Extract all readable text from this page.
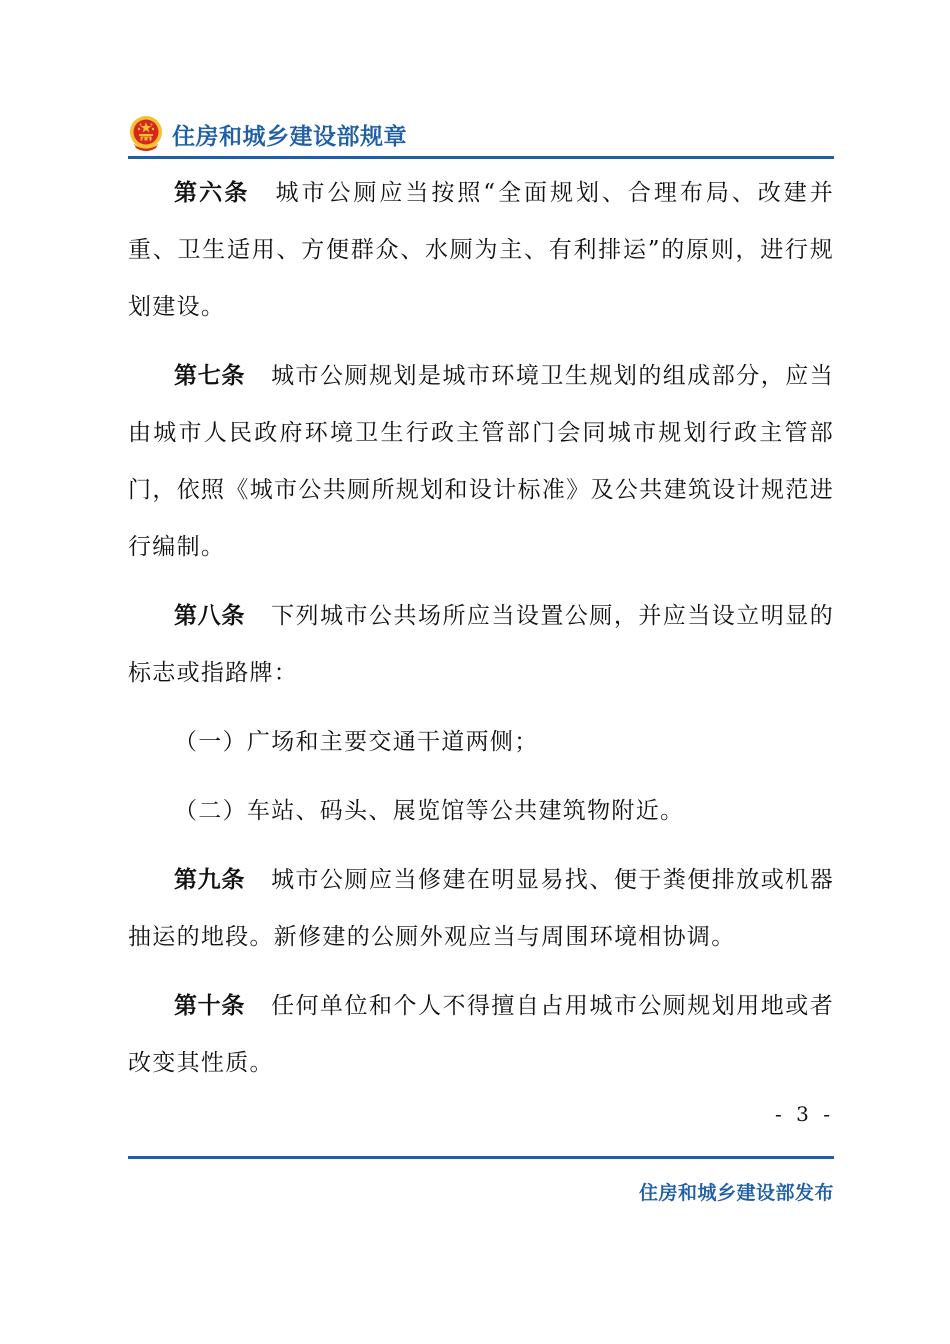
住房和城乡建设部规章

第六条 城市公厕应当按照“全面规划、合理布局、改建并重、卫生适用、方便群众、水厕为主、有利排运”的原则，进行规划建设。

第七条 城市公厕规划是城市环境卫生规划的组成部分，应当由城市人民政府环境卫生行政主管部门会同城市规划行政主管部门，依照《城市公共厕所规划和设计标准》及公共建筑设计规范进行编制。

第八条 下列城市公共场所应当设置公厕，并应当设立明显的标志或指路牌：

（一）广场和主要交通干道两侧；

（二）车站、码头、展览馆等公共建筑物附近。

第九条 城市公厕应当修建在明显易找、便于粪便排放或机器抽运的地段。新修建的公厕外观应当与周围环境相协调。

第十条 任何单位和个人不得擅自占用城市公厕规划用地或者改变其性质。

- 3 -
住房和城乡建设部发布
